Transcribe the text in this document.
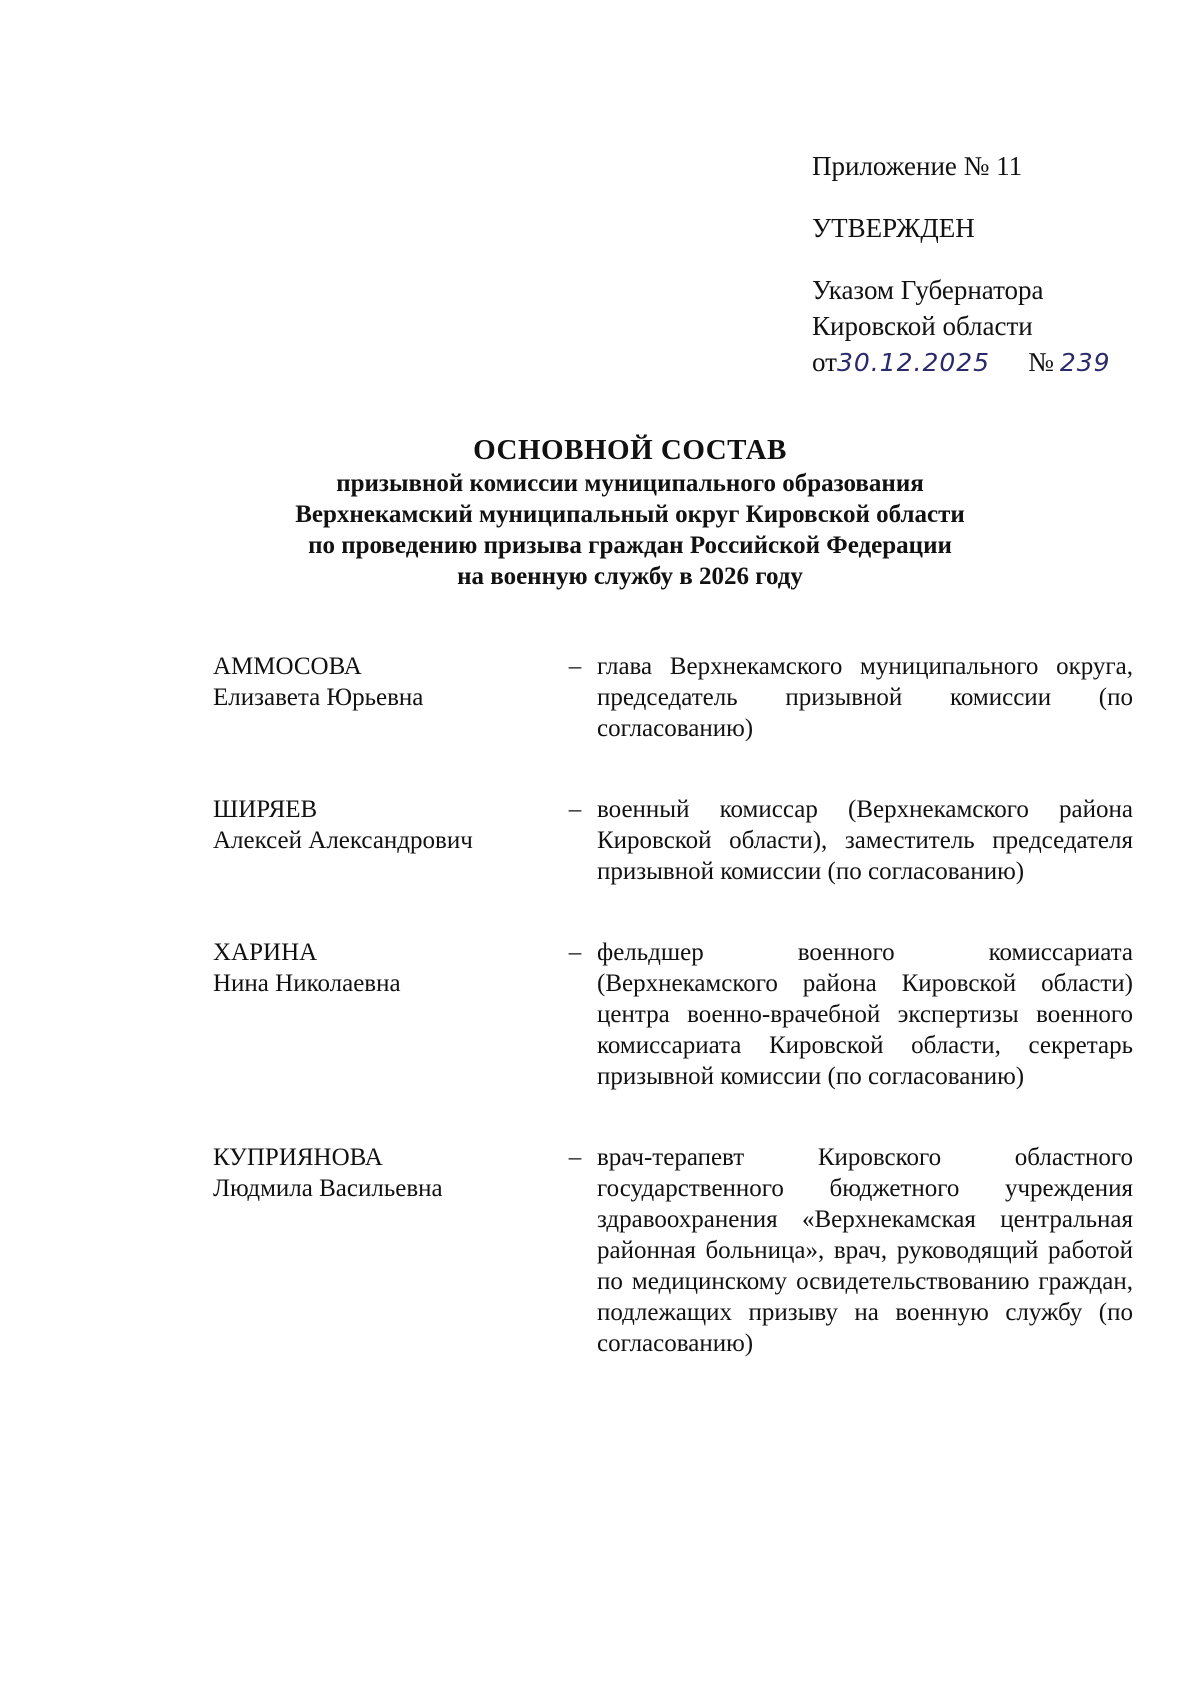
Приложение № 11
УТВЕРЖДЕН
Указом Губернатора
Кировской области
от30.12.2025 № 239
ОСНОВНОЙ СОСТАВ
призывной комиссии муниципального образования
Верхнекамский муниципальный округ Кировской области
по проведению призыва граждан Российской Федерации
на военную службу в 2026 году
АММОСОВА
Елизавета Юрьевна
– глава Верхнекамского муниципального округа, председатель призывной комиссии (по согласованию)
ШИРЯЕВ
Алексей Александрович
– военный комиссар (Верхнекамского района Кировской области), заместитель председателя призывной комиссии (по согласованию)
ХАРИНА
Нина Николаевна
– фельдшер военного комиссариата (Верхнекамского района Кировской области) центра военно-врачебной экспертизы военного комиссариата Кировской области, секретарь призывной комиссии (по согласованию)
КУПРИЯНОВА
Людмила Васильевна
– врач-терапевт Кировского областного государственного бюджетного учреждения здравоохранения «Верхнекамская центральная районная больница», врач, руководящий работой по медицинскому освидетельствованию граждан, подлежащих призыву на военную службу (по согласованию)
